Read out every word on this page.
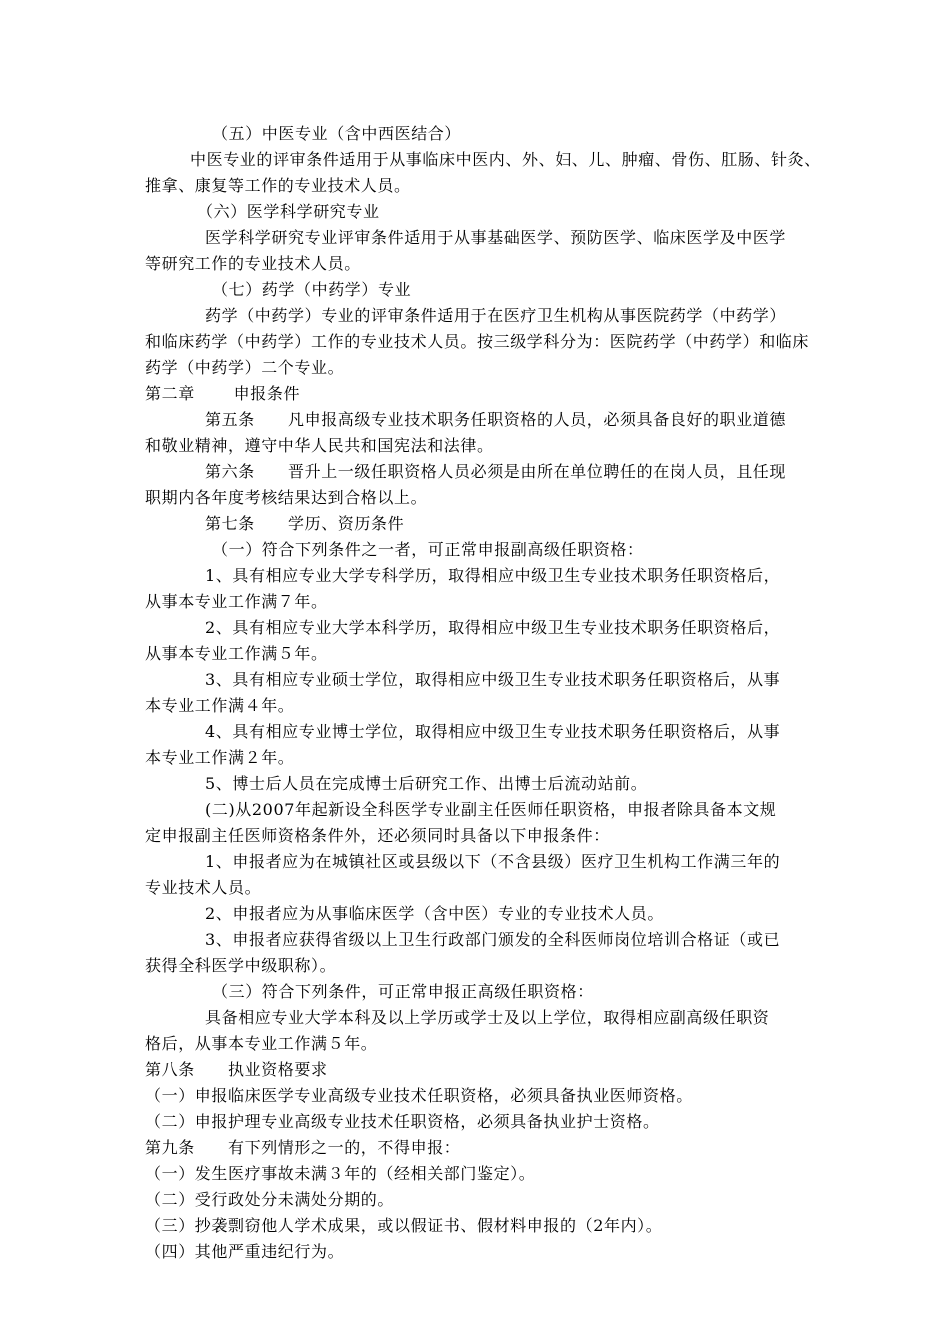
（五）中医专业（含中西医结合）
中医专业的评审条件适用于从事临床中医内、外、妇、儿、肿瘤、骨伤、肛肠、针灸、
推拿、康复等工作的专业技术人员。
（六）医学科学研究专业
医学科学研究专业评审条件适用于从事基础医学、预防医学、临床医学及中医学
等研究工作的专业技术人员。
（七）药学（中药学）专业
药学（中药学）专业的评审条件适用于在医疗卫生机构从事医院药学（中药学）
和临床药学（中药学）工作的专业技术人员。按三级学科分为：医院药学（中药学）和临床
药学（中药学）二个专业。
第二章　　 申报条件
第五条　　凡申报高级专业技术职务任职资格的人员，必须具备良好的职业道德
和敬业精神，遵守中华人民共和国宪法和法律。
第六条　　晋升上一级任职资格人员必须是由所在单位聘任的在岗人员，且任现
职期内各年度考核结果达到合格以上。
第七条　　学历、资历条件
（一）符合下列条件之一者，可正常申报副高级任职资格：
1、具有相应专业大学专科学历，取得相应中级卫生专业技术职务任职资格后，
从事本专业工作满７年。
2、具有相应专业大学本科学历，取得相应中级卫生专业技术职务任职资格后，
从事本专业工作满５年。
3、具有相应专业硕士学位，取得相应中级卫生专业技术职务任职资格后，从事
本专业工作满４年。
4、具有相应专业博士学位，取得相应中级卫生专业技术职务任职资格后，从事
本专业工作满２年。
5、博士后人员在完成博士后研究工作、出博士后流动站前。
(二)从2007年起新设全科医学专业副主任医师任职资格，申报者除具备本文规
定申报副主任医师资格条件外，还必须同时具备以下申报条件：
1、申报者应为在城镇社区或县级以下（不含县级）医疗卫生机构工作满三年的
专业技术人员。
2、申报者应为从事临床医学（含中医）专业的专业技术人员。
3、申报者应获得省级以上卫生行政部门颁发的全科医师岗位培训合格证（或已
获得全科医学中级职称）。
（三）符合下列条件，可正常申报正高级任职资格：
具备相应专业大学本科及以上学历或学士及以上学位，取得相应副高级任职资
格后，从事本专业工作满５年。
第八条　　执业资格要求
（一）申报临床医学专业高级专业技术任职资格，必须具备执业医师资格。
（二）申报护理专业高级专业技术任职资格，必须具备执业护士资格。
第九条　　有下列情形之一的，不得申报：
（一）发生医疗事故未满３年的（经相关部门鉴定）。
（二）受行政处分未满处分期的。
（三）抄袭剽窃他人学术成果，或以假证书、假材料申报的（2年内）。
（四）其他严重违纪行为。
